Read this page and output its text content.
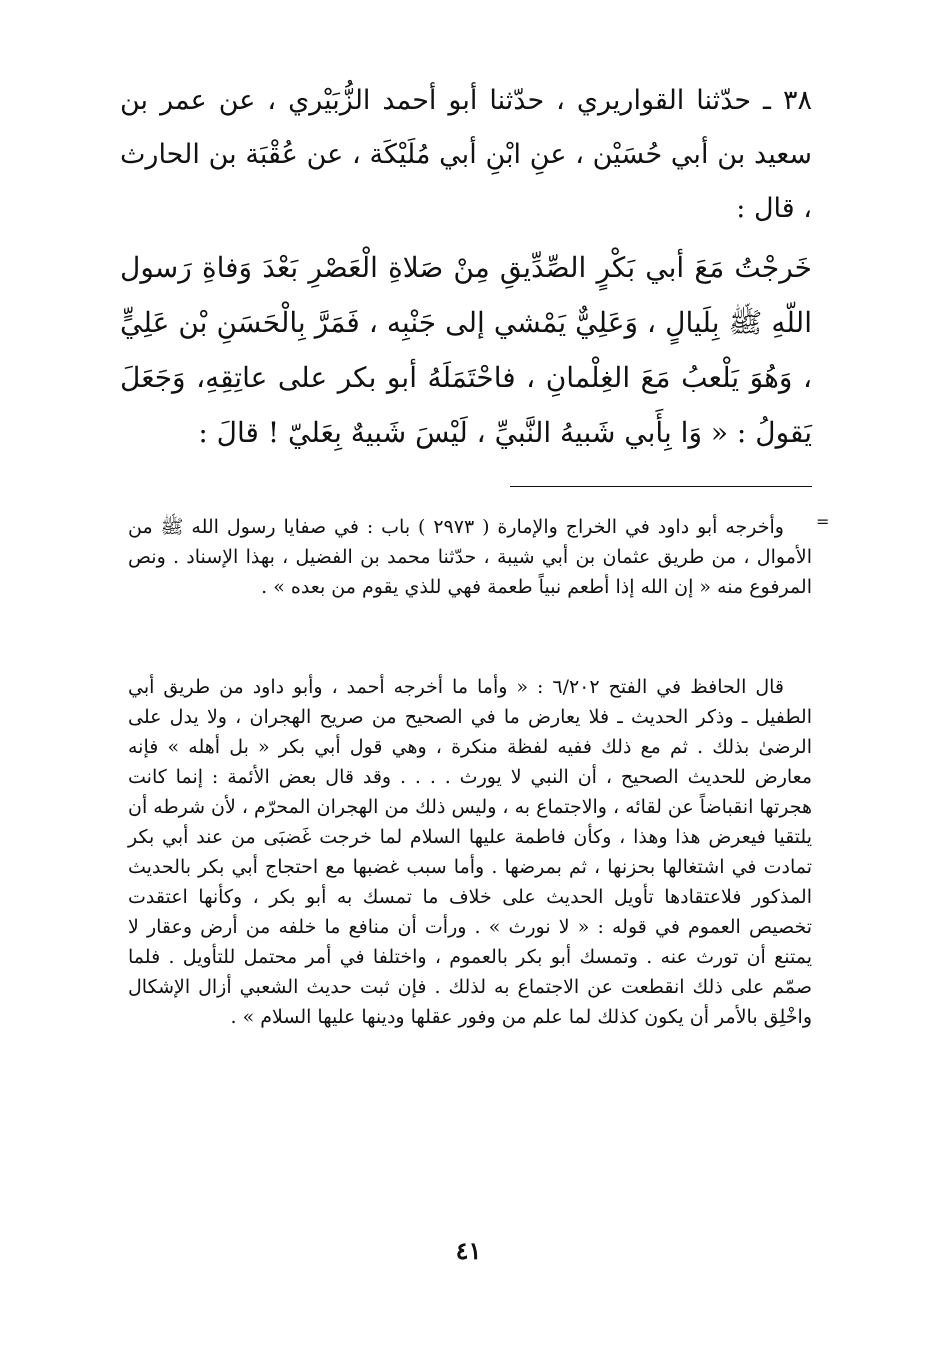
٣٨ ـ حدّثنا القواريري ، حدّثنا أبو أحمد الزُّبَيْري ، عن عمر بن سعيد بن أبي حُسَيْن ، عنِ ابْنِ أبي مُلَيْكَة ، عن عُقْبَة بن الحارث ، قال :

خَرجْتُ مَعَ أبي بَكْرٍ الصِّدِّيقِ مِنْ صَلاةِ الْعَصْرِ بَعْدَ وَفاةِ رَسول اللّهِ ﷺ بِلَيالٍ ، وَعَلِيٌّ يَمْشي إلى جَنْبِه ، فَمَرَّ بِالْحَسَنِ بْن عَلِيٍّ ، وَهُوَ يَلْعبُ مَعَ الغِلْمانِ ، فاحْتَمَلَهُ أبو بكر على عاتِقِهِ، وَجَعَلَ يَقولُ : « وَا بِأَبي شَبيهُ النَّبيِّ ، لَيْسَ شَبيهٌ بِعَليّ ! قالَ :

=

وأخرجه أبو داود في الخراج والإمارة ( ٢٩٧٣ ) باب : في صفايا رسول الله ﷺ من الأموال ، من طريق عثمان بن أبي شيبة ، حدّثنا محمد بن الفضيل ، بهذا الإسناد . ونص المرفوع منه « إن الله إذا أطعم نبياً طعمة فهي للذي يقوم من بعده » .

قال الحافظ في الفتح ٦/٢٠٢ : « وأما ما أخرجه أحمد ، وأبو داود من طريق أبي الطفيل ـ وذكر الحديث ـ فلا يعارض ما في الصحيح من صريح الهجران ، ولا يدل على الرضىٰ بذلك . ثم مع ذلك ففيه لفظة منكرة ، وهي قول أبي بكر « بل أهله » فإنه معارض للحديث الصحيح ، أن النبي لا يورث . . . . وقد قال بعض الأئمة : إنما كانت هجرتها انقباضاً عن لقائه ، والاجتماع به ، وليس ذلك من الهجران المحرّم ، لأن شرطه أن يلتقيا فيعرض هذا وهذا ، وكأن فاطمة عليها السلام لما خرجت غَضبَى من عند أبي بكر تمادت في اشتغالها بحزنها ، ثم بمرضها . وأما سبب غضبها مع احتجاج أبي بكر بالحديث المذكور فلاعتقادها تأويل الحديث على خلاف ما تمسك به أبو بكر ، وكأنها اعتقدت تخصيص العموم في قوله : « لا نورث » . ورأت أن منافع ما خلفه من أرض وعقار لا يمتنع أن تورث عنه . وتمسك أبو بكر بالعموم ، واختلفا في أمر محتمل للتأويل . فلما صمّم على ذلك انقطعت عن الاجتماع به لذلك . فإن ثبت حديث الشعبي أزال الإشكال واخْلِق بالأمر أن يكون كذلك لما علم من وفور عقلها ودينها عليها السلام » .

٤١
